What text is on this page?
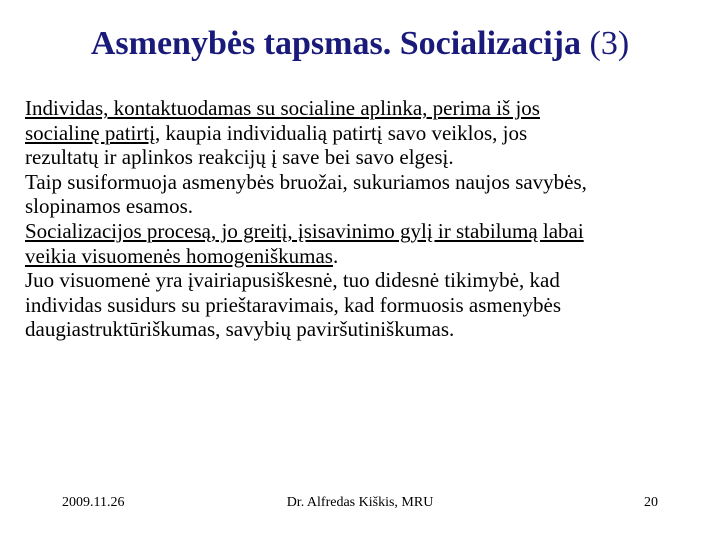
Asmenybės tapsmas. Socializacija (3)

Individas, kontaktuodamas su socialine aplinka, perima iš jos
socialinę patirtį, kaupia individualią patirtį savo veiklos, jos
rezultatų ir aplinkos reakcijų į save bei savo elgesį.

Taip susiformuoja asmenybės bruožai, sukuriamos naujos savybės,
slopinamos esamos.

Socializacijos procesą, jo greitį, įsisavinimo gylį ir stabilumą labai
veikia visuomenės homogeniškumas.

Juo visuomenė yra įvairiapusiškesnė, tuo didesnė tikimybė, kad
individas susidurs su prieštaravimais, kad formuosis asmenybės
daugiastruktūriškumas, savybių paviršutiniškumas.

2009.11.26	Dr. Alfredas Kiškis, MRU	20
